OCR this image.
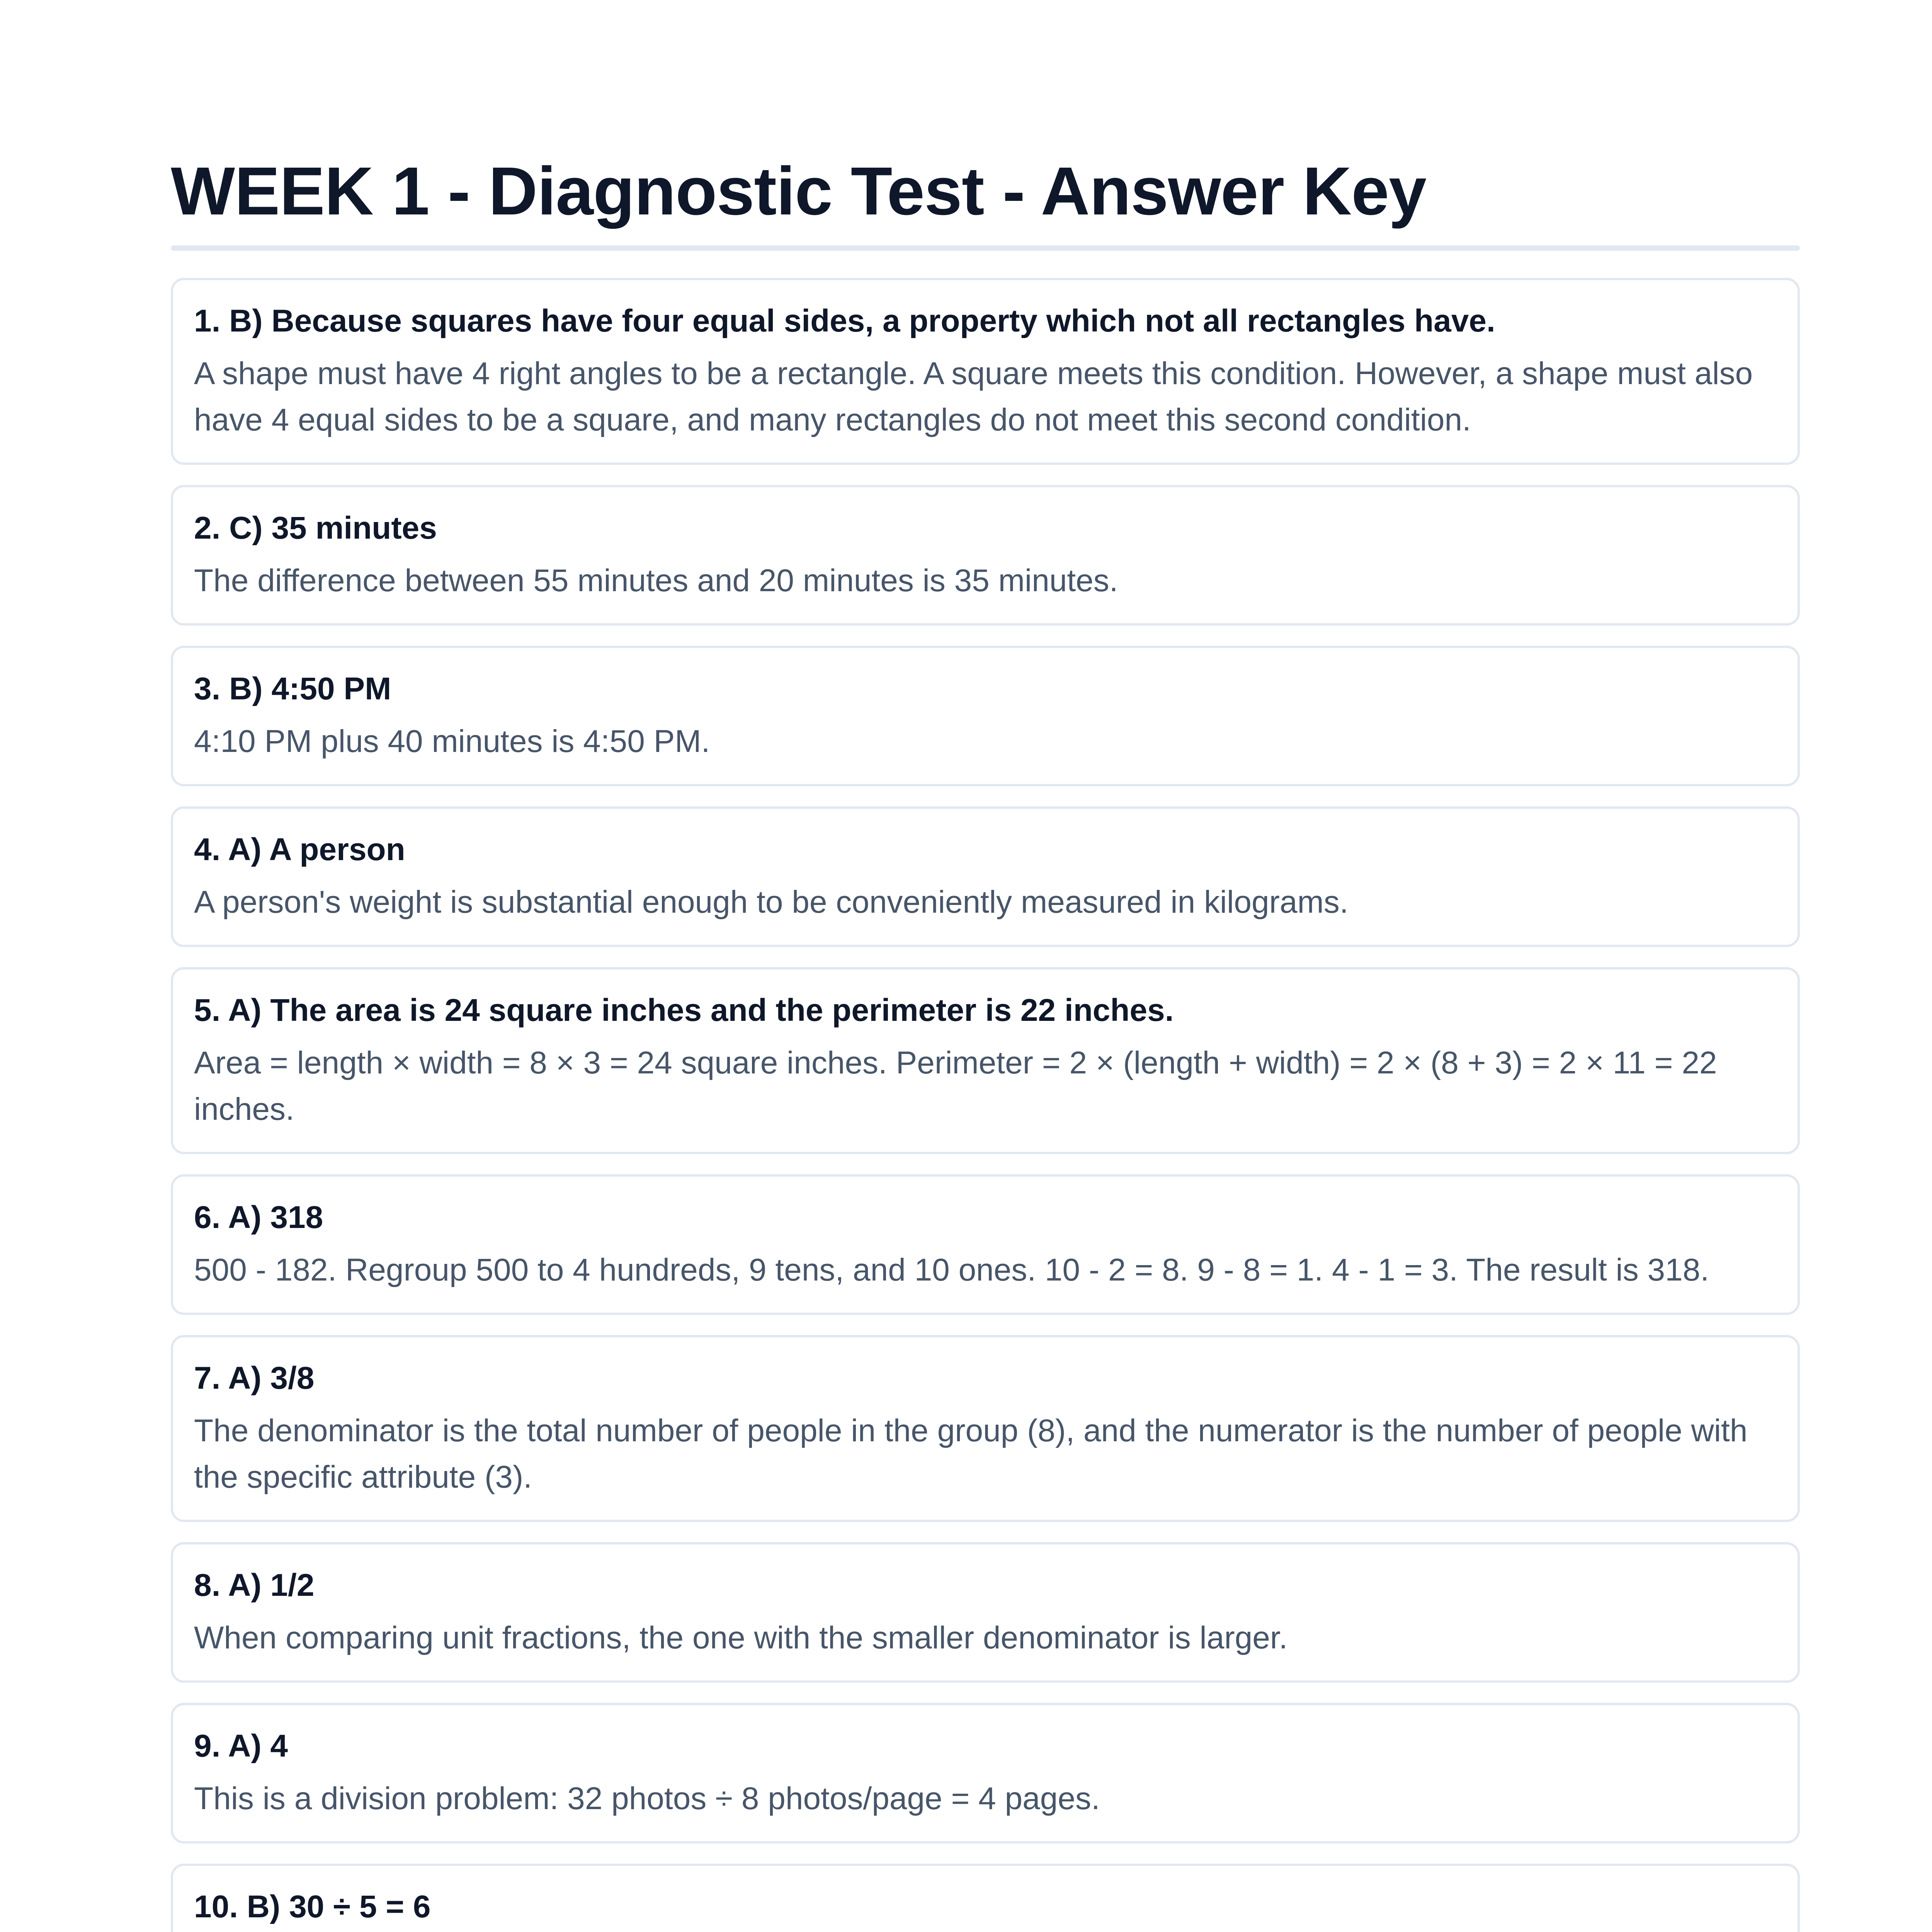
WEEK 1 - Diagnostic Test - Answer Key
1. B) Because squares have four equal sides, a property which not all rectangles have.
A shape must have 4 right angles to be a rectangle. A square meets this condition. However, a shape must also have 4 equal sides to be a square, and many rectangles do not meet this second condition.
2. C) 35 minutes
The difference between 55 minutes and 20 minutes is 35 minutes.
3. B) 4:50 PM
4:10 PM plus 40 minutes is 4:50 PM.
4. A) A person
A person's weight is substantial enough to be conveniently measured in kilograms.
5. A) The area is 24 square inches and the perimeter is 22 inches.
Area = length × width = 8 × 3 = 24 square inches. Perimeter = 2 × (length + width) = 2 × (8 + 3) = 2 × 11 = 22 inches.
6. A) 318
500 - 182. Regroup 500 to 4 hundreds, 9 tens, and 10 ones. 10 - 2 = 8. 9 - 8 = 1. 4 - 1 = 3. The result is 318.
7. A) 3/8
The denominator is the total number of people in the group (8), and the numerator is the number of people with the specific attribute (3).
8. A) 1/2
When comparing unit fractions, the one with the smaller denominator is larger.
9. A) 4
This is a division problem: 32 photos ÷ 8 photos/page = 4 pages.
10. B) 30 ÷ 5 = 6
